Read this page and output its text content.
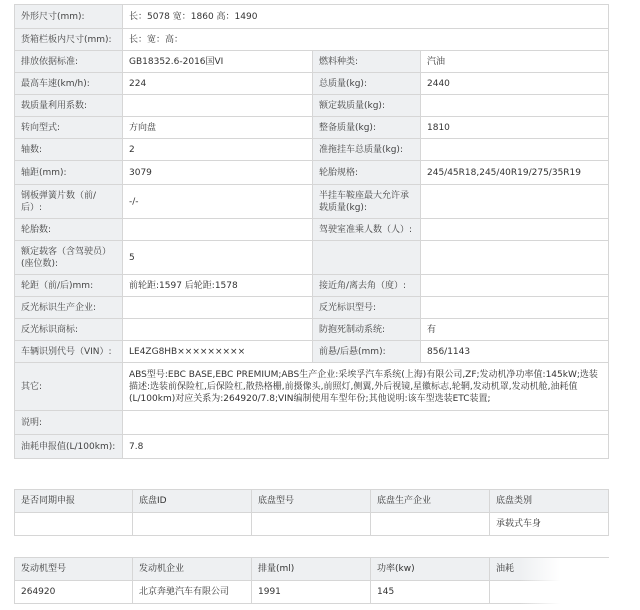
外形尺寸(mm):	长：5078 宽：1860 高：1490		
货箱栏板内尺寸(mm):	长：宽：高：		
排放依据标准:	GB18352.6-2016国VI	燃料种类:	汽油
最高车速(km/h):	224	总质量(kg):	2440
载质量利用系数:		额定载质量(kg):	
转向型式:	方向盘	整备质量(kg):	1810
轴数:	2	准拖挂车总质量(kg):	
轴距(mm):	3079	轮胎规格:	245/45R18,245/40R19/275/35R19
钢板弹簧片数（前/后）:	-/-	半挂车鞍座最大允许承载质量(kg):	
轮胎数:		驾驶室准乘人数（人）:	
额定载客（含驾驶员）(座位数):	5		
轮距（前/后)mm:	前轮距:1597 后轮距:1578	接近角/离去角（度）:	
反光标识生产企业:		反光标识型号:	
反光标识商标:		防抱死制动系统:	有
车辆识别代号（VIN）:	LE4ZG8HB×××××××××	前悬/后悬(mm):	856/1143
其它:	ABS型号:EBC BASE,EBC PREMIUM;ABS生产企业:采埃孚汽车系统(上海)有限公司,ZF;发动机净功率值:145kW;选装描述:选装前保险杠,后保险杠,散热格栅,前摄像头,前照灯,侧翼,外后视镜,星徽标志,轮辋,发动机罩,发动机舱,油耗值(L/100km)对应关系为:264920/7.8;VIN编制使用车型年份;其他说明:该车型选装ETC装置;		
说明:			
油耗申报值(L/100km):	7.8		
是否同期申报	底盘ID	底盘型号	底盘生产企业	底盘类别
				承载式车身
发动机型号	发动机企业	排量(ml)	功率(kw)	油耗
264920	北京奔驰汽车有限公司	1991	145	
